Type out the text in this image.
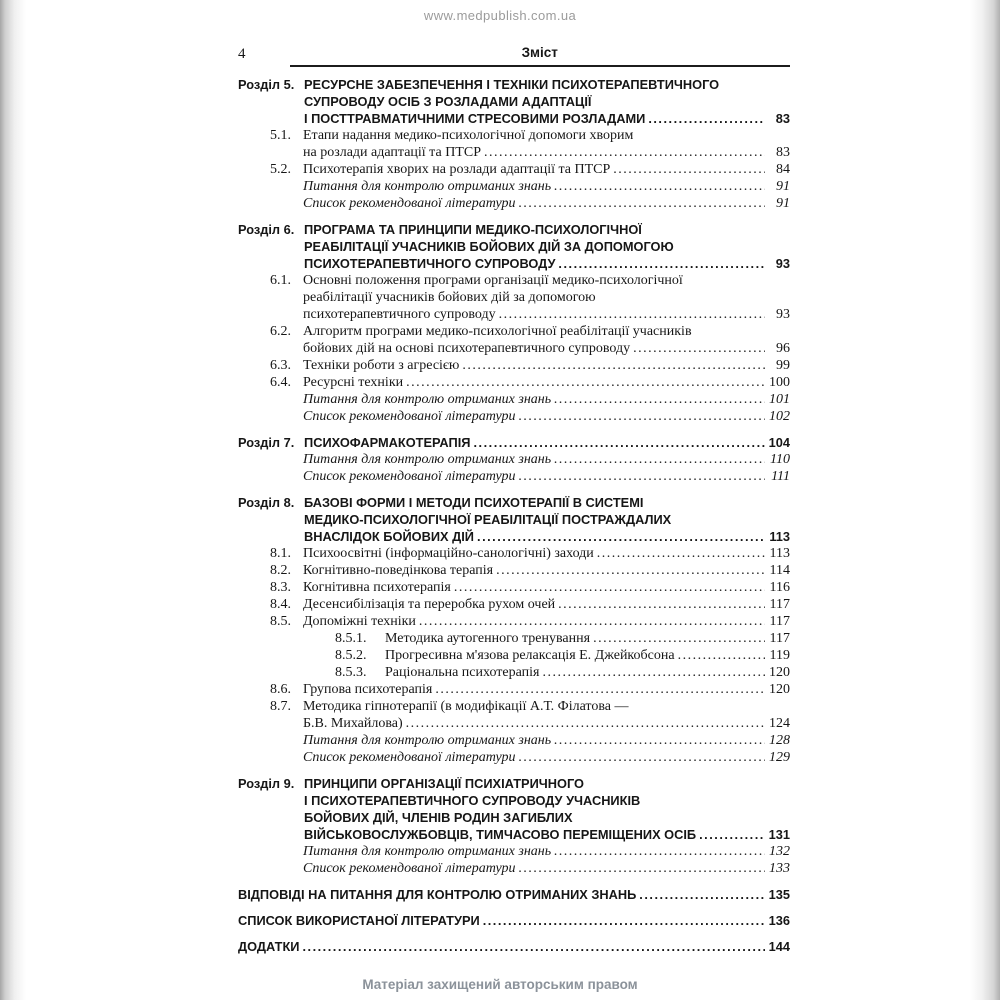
www.medpublish.com.ua
4	Зміст
Розділ 5. РЕСУРСНЕ ЗАБЕЗПЕЧЕННЯ І ТЕХНІКИ ПСИХОТЕРАПЕВТИЧНОГО
СУПРОВОДУ ОСІБ З РОЗЛАДАМИ АДАПТАЦІЇ
І ПОСТТРАВМАТИЧНИМИ СТРЕСОВИМИ РОЗЛАДАМИ .....	83
5.1. Етапи надання медико-психологічної допомоги хворим
на розлади адаптації та ПТСР .....	83
5.2. Психотерапія хворих на розлади адаптації та ПТСР .....	84
Питання для контролю отриманих знань .....	91
Список рекомендованої літератури .....	91
Розділ 6. ПРОГРАМА ТА ПРИНЦИПИ МЕДИКО-ПСИХОЛОГІЧНОЇ
РЕАБІЛІТАЦІЇ УЧАСНИКІВ БОЙОВИХ ДІЙ ЗА ДОПОМОГОЮ
ПСИХОТЕРАПЕВТИЧНОГО СУПРОВОДУ .....	93
6.1. Основні положення програми організації медико-психологічної
реабілітації учасників бойових дій за допомогою
психотерапевтичного супроводу .....	93
6.2. Алгоритм програми медико-психологічної реабілітації учасників
бойових дій на основі психотерапевтичного супроводу .....	96
6.3. Техніки роботи з агресією .....	99
6.4. Ресурсні техніки .....	100
Питання для контролю отриманих знань .....	101
Список рекомендованої літератури .....	102
Розділ 7. ПСИХОФАРМАКОТЕРАПІЯ .....	104
Питання для контролю отриманих знань .....	110
Список рекомендованої літератури .....	111
Розділ 8. БАЗОВІ ФОРМИ І МЕТОДИ ПСИХОТЕРАПІЇ В СИСТЕМІ
МЕДИКО-ПСИХОЛОГІЧНОЇ РЕАБІЛІТАЦІЇ ПОСТРАЖДАЛИХ
ВНАСЛІДОК БОЙОВИХ ДІЙ .....	113
8.1. Психоосвітні (інформаційно-санологічні) заходи .....	113
8.2. Когнітивно-поведінкова терапія .....	114
8.3. Когнітивна психотерапія .....	116
8.4. Десенсибілізація та переробка рухом очей .....	117
8.5. Допоміжні техніки .....	117
8.5.1.	Методика аутогенного тренування .....	117
8.5.2.	Прогресивна м'язова релаксація Е. Джейкобсона .....	119
8.5.3.	Раціональна психотерапія .....	120
8.6. Групова психотерапія .....	120
8.7. Методика гіпнотерапії (в модифікації А.Т. Філатова —
Б.В. Михайлова) .....	124
Питання для контролю отриманих знань .....	128
Список рекомендованої літератури .....	129
Розділ 9. ПРИНЦИПИ ОРГАНІЗАЦІЇ ПСИХІАТРИЧНОГО
І ПСИХОТЕРАПЕВТИЧНОГО СУПРОВОДУ УЧАСНИКІВ
БОЙОВИХ ДІЙ, ЧЛЕНІВ РОДИН ЗАГИБЛИХ
ВІЙСЬКОВОСЛУЖБОВЦІВ, ТИМЧАСОВО ПЕРЕМІЩЕНИХ ОСІБ .....	131
Питання для контролю отриманих знань .....	132
Список рекомендованої літератури .....	133
ВІДПОВІДІ НА ПИТАННЯ ДЛЯ КОНТРОЛЮ ОТРИМАНИХ ЗНАНЬ .....	135
СПИСОК ВИКОРИСТАНОЇ ЛІТЕРАТУРИ .....	136
ДОДАТКИ .....	144
Матеріал захищений авторським правом
